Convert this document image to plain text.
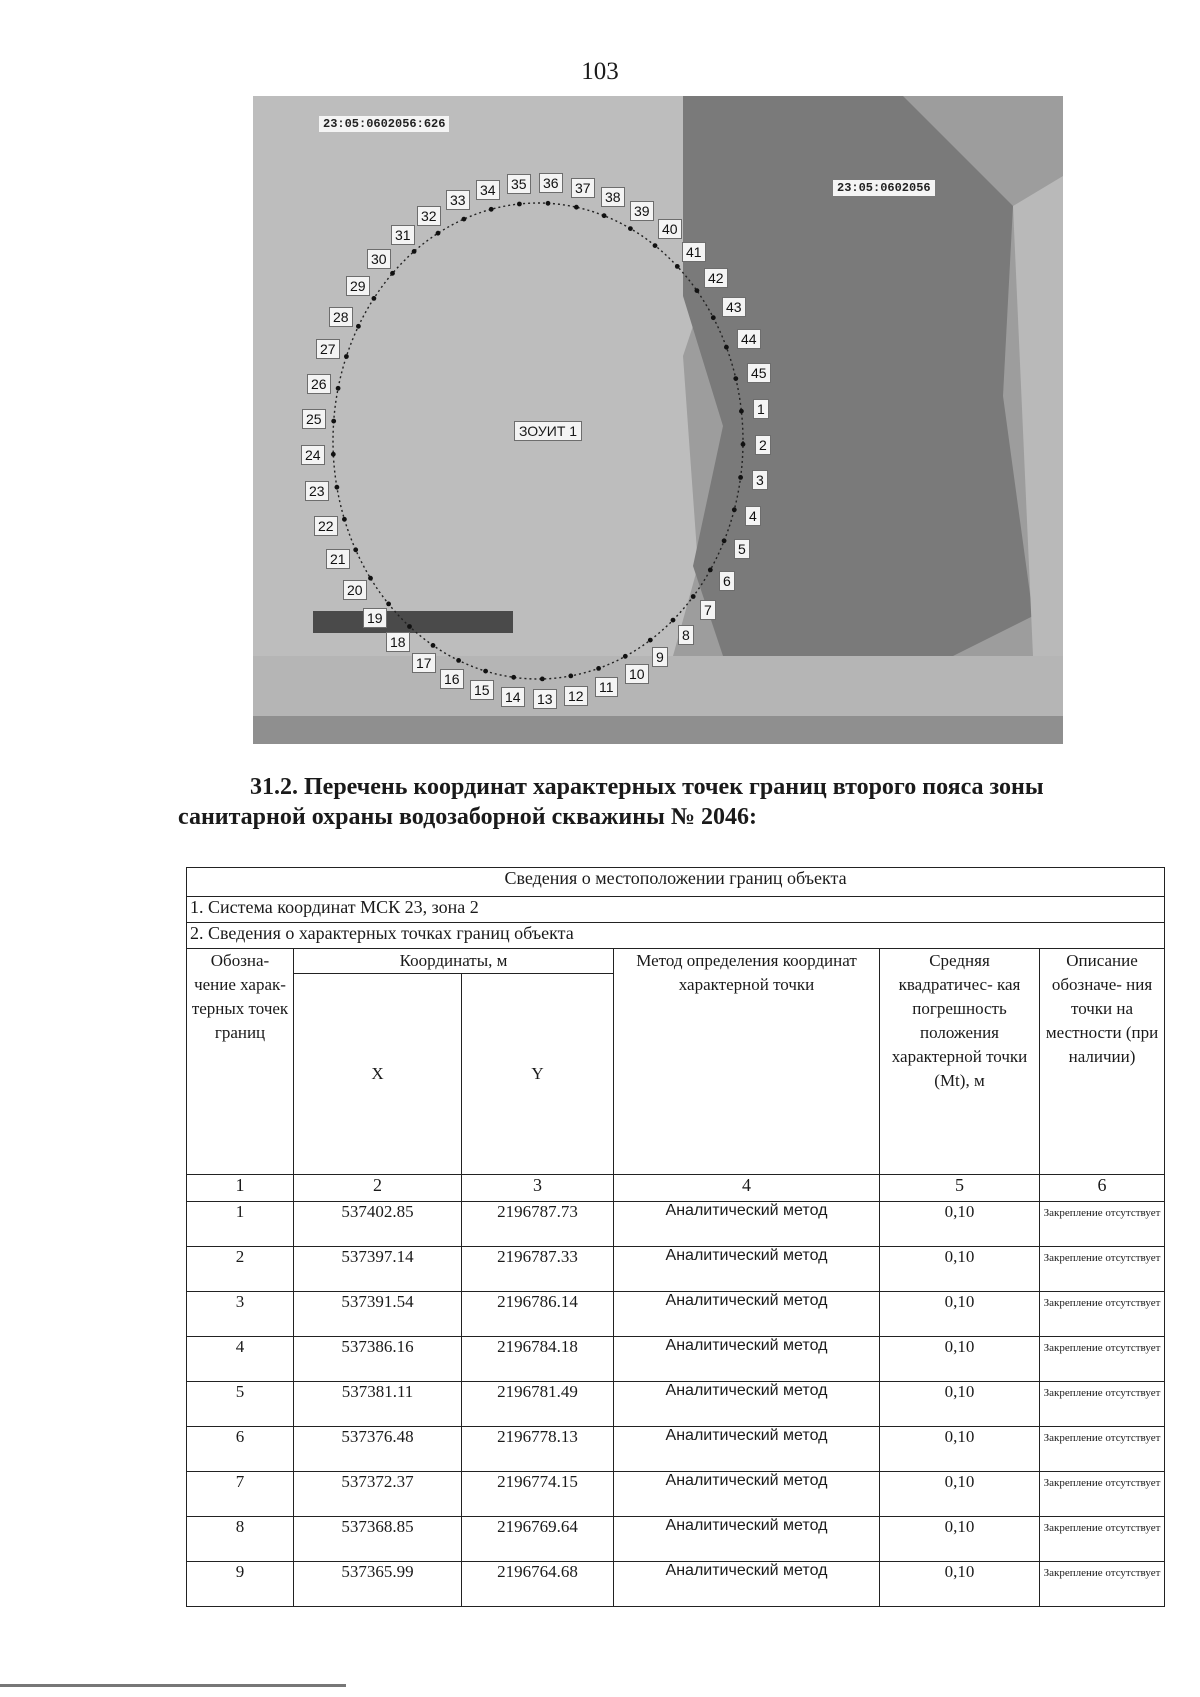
103
23:05:0602056:626
23:05:0602056
ЗОУИТ 1
1
2
3
4
5
6
7
8
9
10
11
12
13
14
15
16
17
18
19
20
21
22
23
24
25
26
27
28
29
30
31
32
33
34 35 36 37
38
39
40
41
42
43
44
45
31.2. Перечень координат характерных точек границ второго пояса зоны санитарной охраны водозаборной скважины № 2046:
Сведения о местоположении границ объекта					
1. Система координат МСК 23, зона 2					
2. Сведения о характерных точках границ объекта					
Обозна- чение харак- терных точек границ	Координаты, м		Метод определения координат характерной точки	Средняя квадратичес- кая погрешность положения характерной точки (Mt), м	Описание обозначе- ния точки на местности (при наличии)
	X	Y			
1	2	3	4	5	6
1	537402.85	2196787.73	Аналитический метод	0,10	Закрепление отсутствует
2	537397.14	2196787.33	Аналитический метод	0,10	Закрепление отсутствует
3	537391.54	2196786.14	Аналитический метод	0,10	Закрепление отсутствует
4	537386.16	2196784.18	Аналитический метод	0,10	Закрепление отсутствует
5	537381.11	2196781.49	Аналитический метод	0,10	Закрепление отсутствует
6	537376.48	2196778.13	Аналитический метод	0,10	Закрепление отсутствует
7	537372.37	2196774.15	Аналитический метод	0,10	Закрепление отсутствует
8	537368.85	2196769.64	Аналитический метод	0,10	Закрепление отсутствует
9	537365.99	2196764.68	Аналитический метод	0,10	Закрепление отсутствует
